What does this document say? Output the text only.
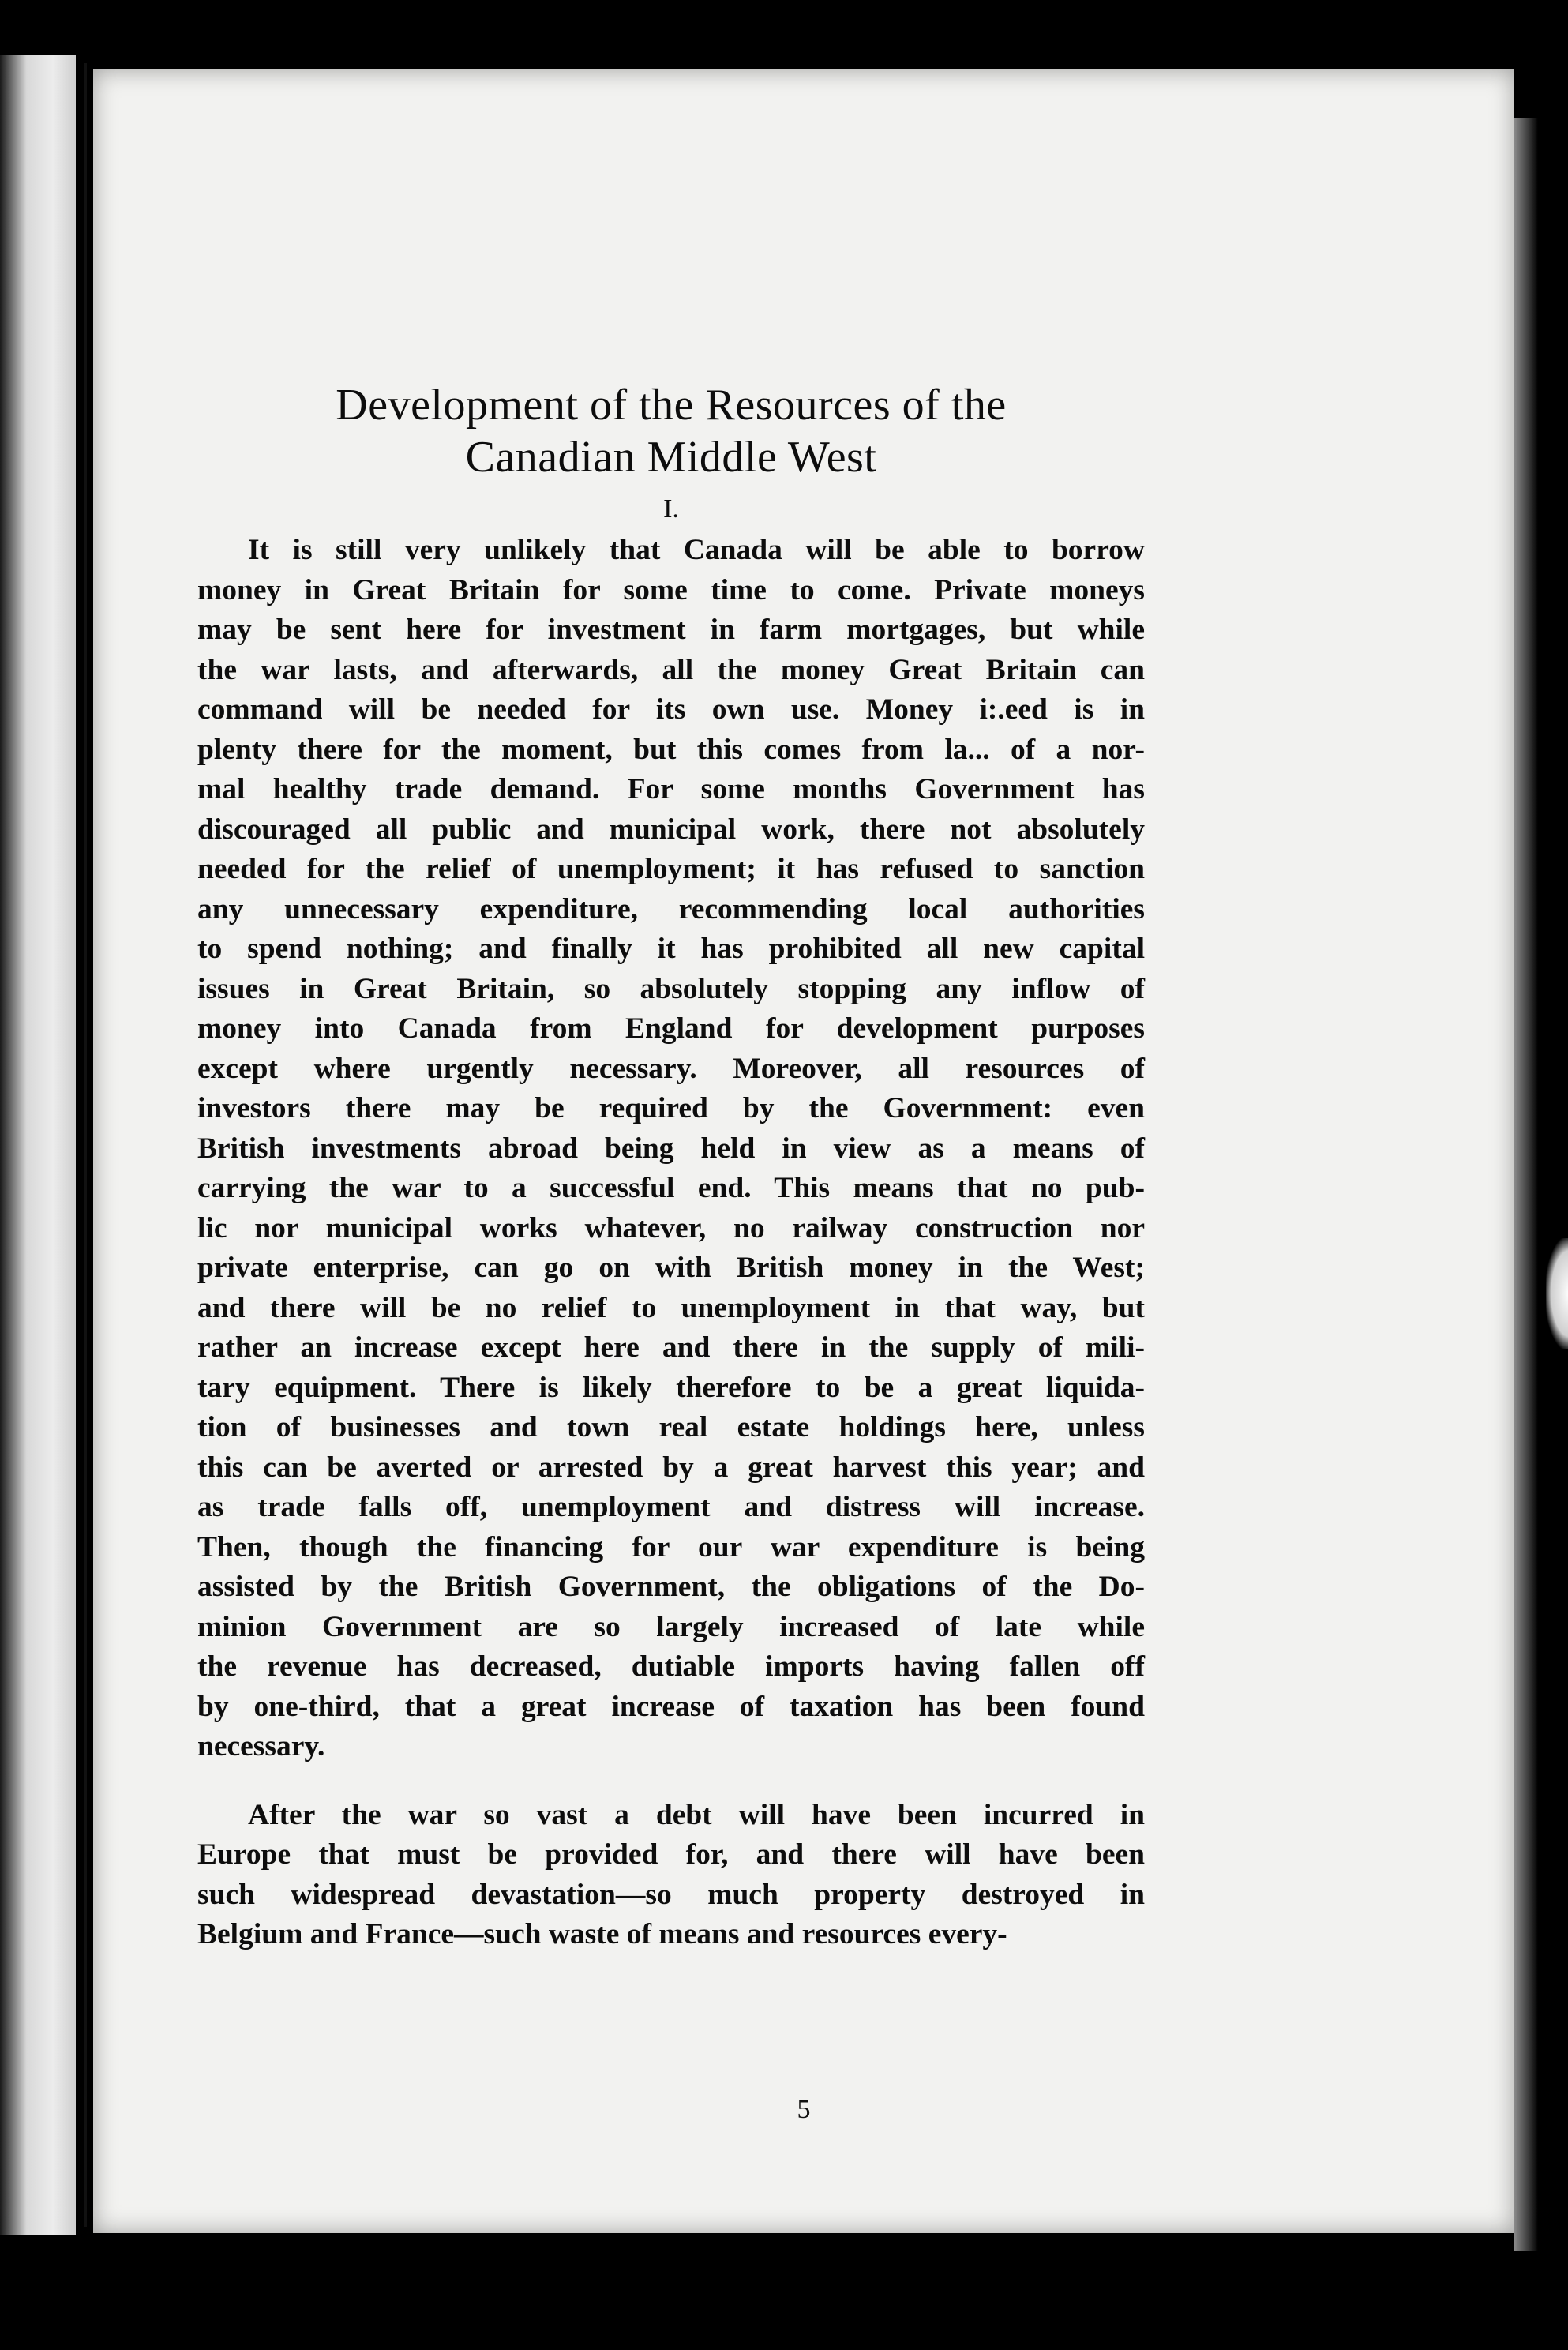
Development of the Resources of the
Canadian Middle West
I.

It is still very unlikely that Canada will be able to borrow
money in Great Britain for some time to come. Private moneys
may be sent here for investment in farm mortgages, but while
the war lasts, and afterwards, all the money Great Britain can
command will be needed for its own use. Money i:.eed is in
plenty there for the moment, but this comes from la... of a nor-
mal healthy trade demand. For some months Government has
discouraged all public and municipal work, there not absolutely
needed for the relief of unemployment; it has refused to sanction
any unnecessary expenditure, recommending local authorities
to spend nothing; and finally it has prohibited all new capital
issues in Great Britain, so absolutely stopping any inflow of
money into Canada from England for development purposes
except where urgently necessary. Moreover, all resources of
investors there may be required by the Government: even
British investments abroad being held in view as a means of
carrying the war to a successful end. This means that no pub-
lic nor municipal works whatever, no railway construction nor
private enterprise, can go on with British money in the West;
and there will be no relief to unemployment in that way, but
rather an increase except here and there in the supply of mili-
tary equipment. There is likely therefore to be a great liquida-
tion of businesses and town real estate holdings here, unless
this can be averted or arrested by a great harvest this year; and
as trade falls off, unemployment and distress will increase.
Then, though the financing for our war expenditure is being
assisted by the British Government, the obligations of the Do-
minion Government are so largely increased of late while
the revenue has decreased, dutiable imports having fallen off
by one-third, that a great increase of taxation has been found
necessary.

After the war so vast a debt will have been incurred in
Europe that must be provided for, and there will have been
such widespread devastation—so much property destroyed in
Belgium and France—such waste of means and resources every-

5
